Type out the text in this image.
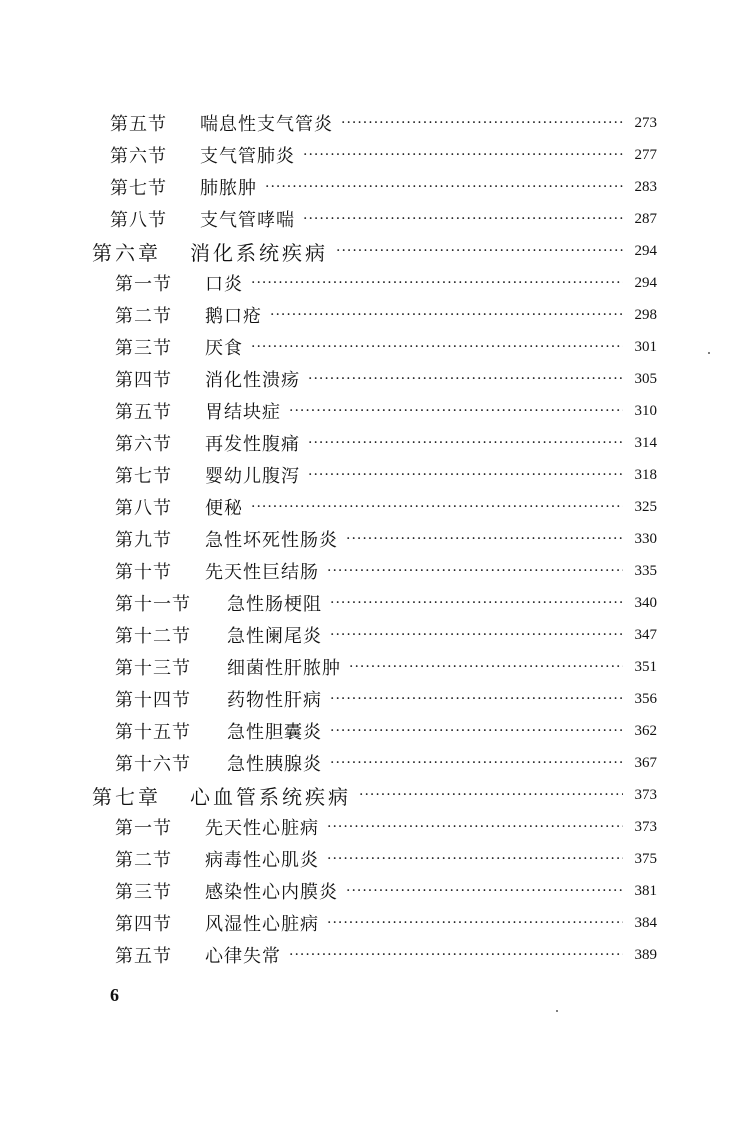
第五节	喘息性支气管炎 ·····	273
第六节	支气管肺炎 ·····	277
第七节	肺脓肿 ·····	283
第八节	支气管哮喘 ·····	287
第六章	消化系统疾病 ·····	294
第一节	口炎 ·····	294
第二节	鹅口疮 ·····	298
第三节	厌食 ·····	301
第四节	消化性溃疡 ·····	305
第五节	胃结块症 ·····	310
第六节	再发性腹痛 ·····	314
第七节	婴幼儿腹泻 ·····	318
第八节	便秘 ·····	325
第九节	急性坏死性肠炎 ·····	330
第十节	先天性巨结肠 ·····	335
第十一节	急性肠梗阻 ·····	340
第十二节	急性阑尾炎 ·····	347
第十三节	细菌性肝脓肿 ·····	351
第十四节	药物性肝病 ·····	356
第十五节	急性胆囊炎 ·····	362
第十六节	急性胰腺炎 ·····	367
第七章	心血管系统疾病 ·····	373
第一节	先天性心脏病 ·····	373
第二节	病毒性心肌炎 ·····	375
第三节	感染性心内膜炎 ·····	381
第四节	风湿性心脏病 ·····	384
第五节	心律失常 ·····	389
6
